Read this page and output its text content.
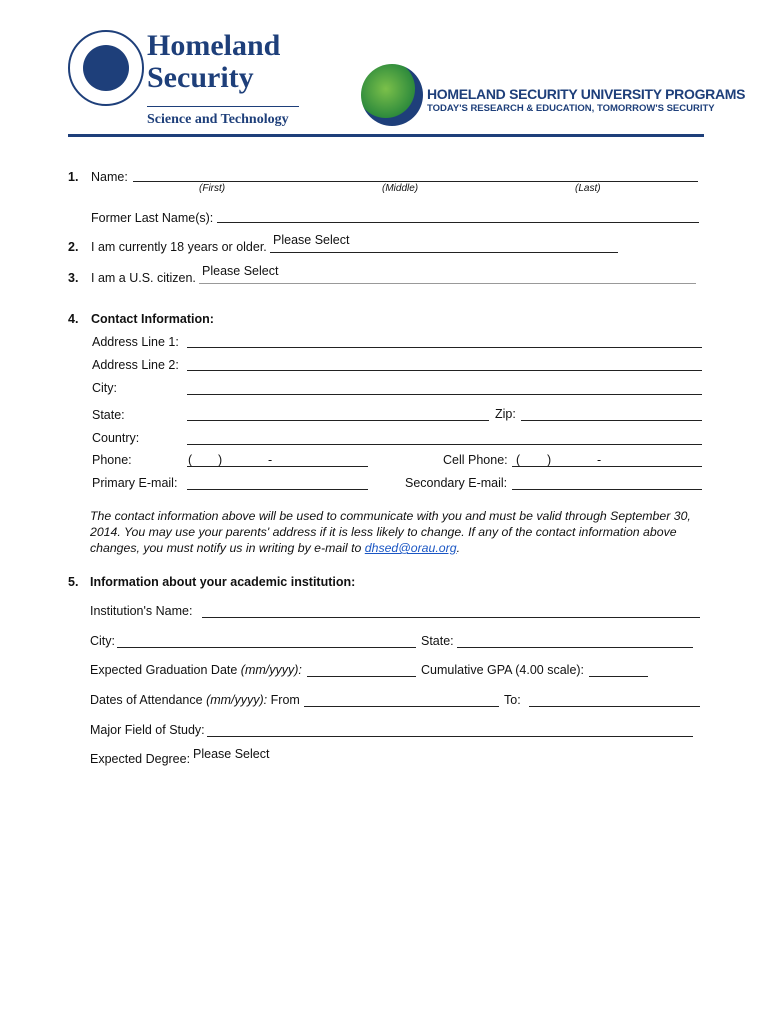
Homeland
Security
Science and Technology
HOMELAND SECURITY UNIVERSITY PROGRAMS
TODAY'S RESEARCH & EDUCATION, TOMORROW'S SECURITY
1. Name:
(First)	(Middle)	(Last)
Former Last Name(s):
2. I am currently 18 years or older. Please Select
3. I am a U.S. citizen. Please Select
4. Contact Information:
Address Line 1:
Address Line 2:
City:
State:	Zip:
Country:
Phone:	( )	-	Cell Phone: ( )	-
Primary E-mail:	Secondary E-mail:
The contact information above will be used to communicate with you and must be valid through September 30, 2014. You may use your parents' address if it is less likely to change. If any of the contact information above changes, you must notify us in writing by e-mail to dhsed@orau.org.
5. Information about your academic institution:
Institution's Name:
City:	State:
Expected Graduation Date (mm/yyyy):	Cumulative GPA (4.00 scale):
Dates of Attendance (mm/yyyy): From	To:
Major Field of Study:
Expected Degree: Please Select
